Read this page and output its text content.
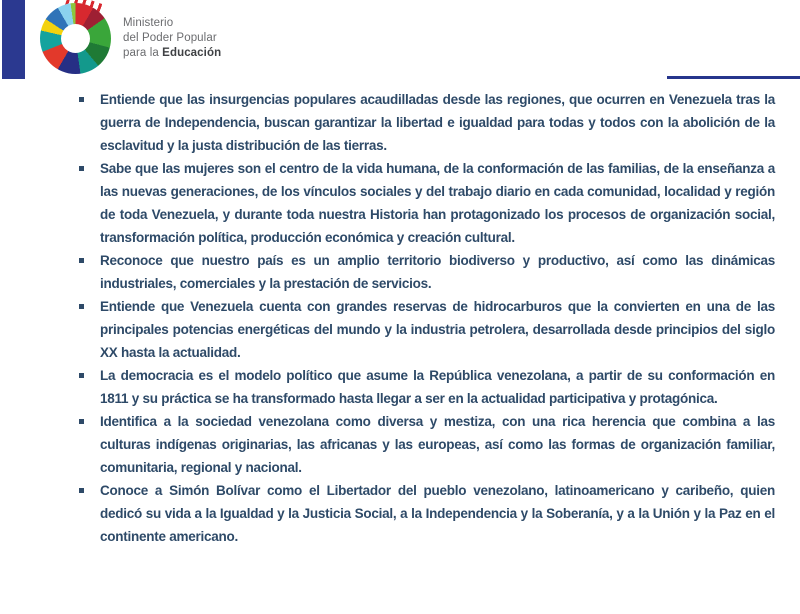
Ministerio
del Poder Popular
para la Educación
Entiende que las insurgencias populares acaudilladas desde las regiones, que ocurren en Venezuela tras la guerra de Independencia, buscan garantizar la libertad e igualdad para todas y todos con la abolición de la esclavitud y la justa distribución de las tierras.
Sabe que las mujeres son el centro de la vida humana, de la conformación de las familias, de la enseñanza a las nuevas generaciones, de los vínculos sociales y del trabajo diario en cada comunidad, localidad y región de toda Venezuela, y durante toda nuestra Historia han protagonizado los procesos de organización social, transformación política, producción económica y creación cultural.
Reconoce que nuestro país es un amplio territorio biodiverso y productivo, así como las dinámicas industriales, comerciales y la prestación de servicios.
Entiende que Venezuela cuenta con grandes reservas de hidrocarburos que la convierten en una de las principales potencias energéticas del mundo y la industria petrolera, desarrollada desde principios del siglo XX hasta la actualidad.
La democracia es el modelo político que asume la República venezolana, a partir de su conformación en 1811 y su práctica se ha transformado hasta llegar a ser en la actualidad participativa y protagónica.
Identifica a la sociedad venezolana como diversa y mestiza, con una rica herencia que combina a las culturas indígenas originarias, las africanas y las europeas, así como las formas de organización familiar, comunitaria, regional y nacional.
Conoce a Simón Bolívar como el Libertador del pueblo venezolano, latinoamericano y caribeño, quien dedicó su vida a la Igualdad y la Justicia Social, a la Independencia y la Soberanía, y a la Unión y la Paz en el continente americano.
